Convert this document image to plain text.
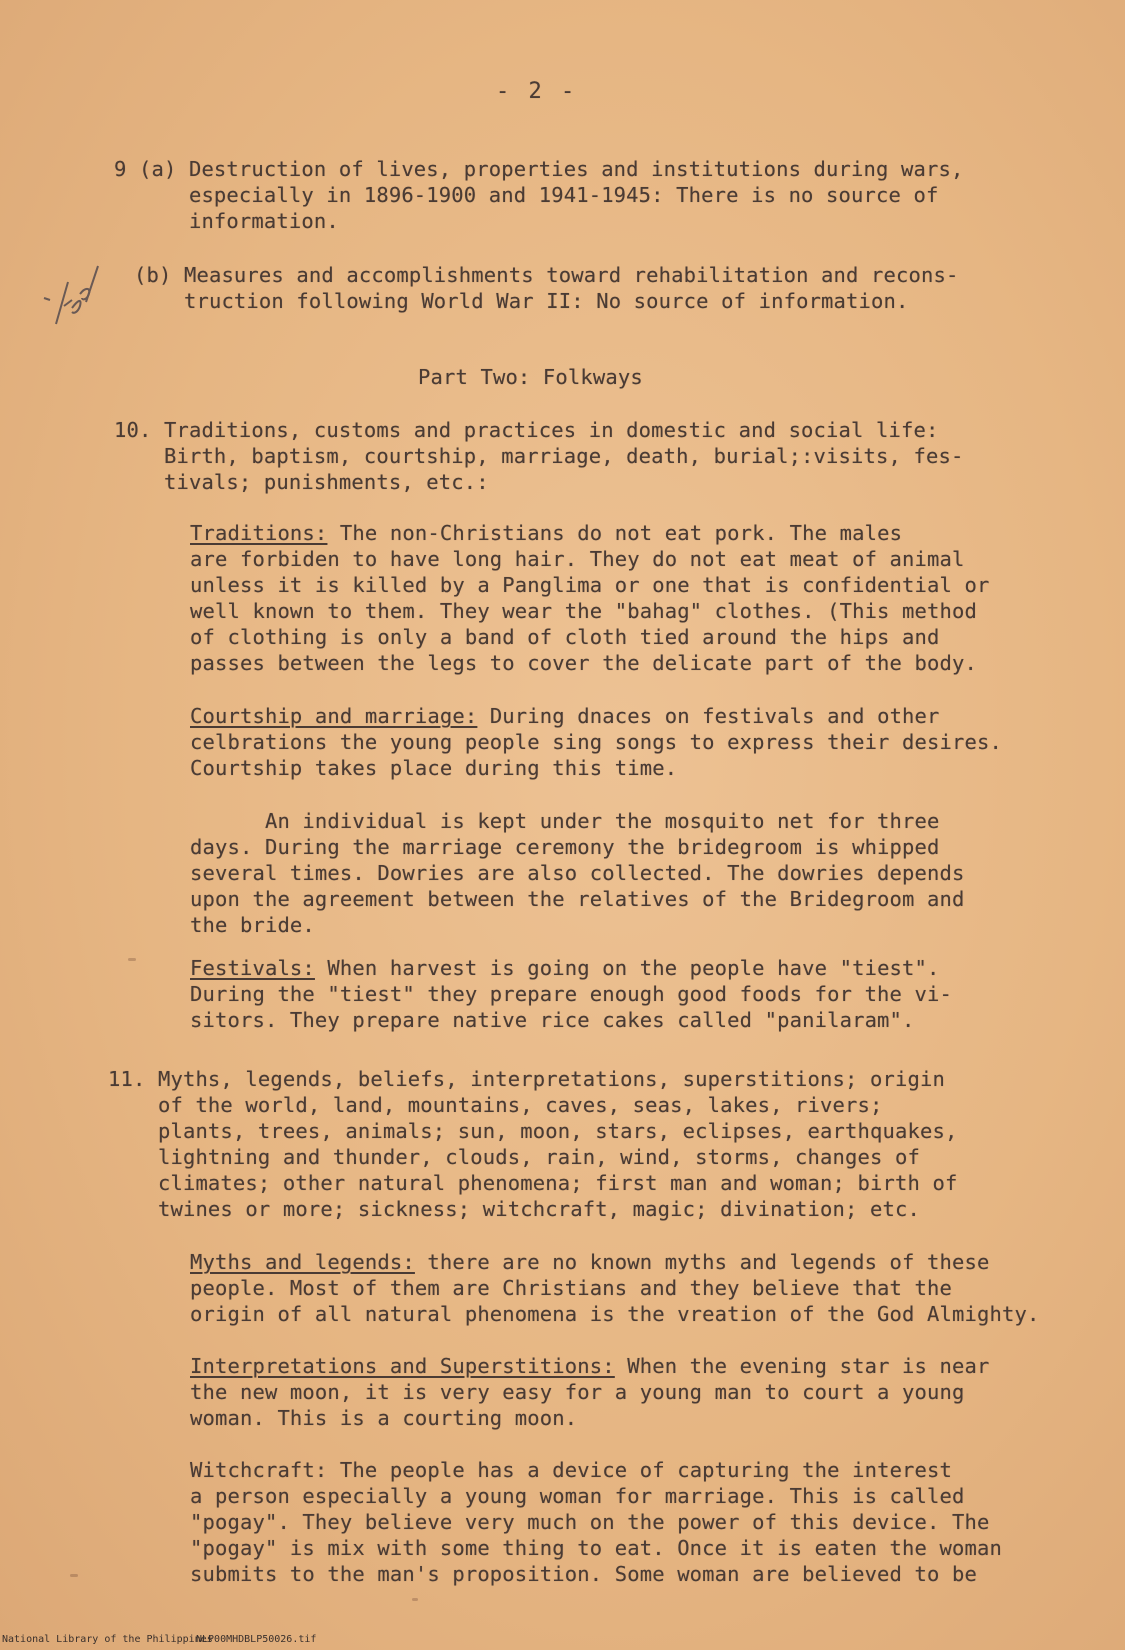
- 2 -
9 (a) Destruction of lives, properties and institutions during wars,
especially in 1896-1900 and 1941-1945: There is no source of
information.
(b) Measures and accomplishments toward rehabilitation and recons-
truction following World War II: No source of information.
Part Two: Folkways
10. Traditions, customs and practices in domestic and social life:
Birth, baptism, courtship, marriage, death, burial;:visits, fes-
tivals; punishments, etc.:
Traditions: The non-Christians do not eat pork. The males
are forbiden to have long hair. They do not eat meat of animal
unless it is killed by a Panglima or one that is confidential or
well known to them. They wear the "bahag" clothes. (This method
of clothing is only a band of cloth tied around the hips and
passes between the legs to cover the delicate part of the body.
Courtship and marriage: During dnaces on festivals and other
celbrations the young people sing songs to express their desires.
Courtship takes place during this time.
An individual is kept under the mosquito net for three
days. During the marriage ceremony the bridegroom is whipped
several times. Dowries are also collected. The dowries depends
upon the agreement between the relatives of the Bridegroom and
the bride.
Festivals: When harvest is going on the people have "tiest".
During the "tiest" they prepare enough good foods for the vi-
sitors. They prepare native rice cakes called "panilaram".
11. Myths, legends, beliefs, interpretations, superstitions; origin
of the world, land, mountains, caves, seas, lakes, rivers;
plants, trees, animals; sun, moon, stars, eclipses, earthquakes,
lightning and thunder, clouds, rain, wind, storms, changes of
climates; other natural phenomena; first man and woman; birth of
twines or more; sickness; witchcraft, magic; divination; etc.
Myths and legends: there are no known myths and legends of these
people. Most of them are Christians and they believe that the
origin of all natural phenomena is the vreation of the God Almighty.
Interpretations and Superstitions: When the evening star is near
the new moon, it is very easy for a young man to court a young
woman. This is a courting moon.
Witchcraft: The people has a device of capturing the interest
a person especially a young woman for marriage. This is called
"pogay". They believe very much on the power of this device. The
"pogay" is mix with some thing to eat. Once it is eaten the woman
submits to the man's proposition. Some woman are believed to be
National Library of the Philippines
NLP00MHDBLP50026.tif
